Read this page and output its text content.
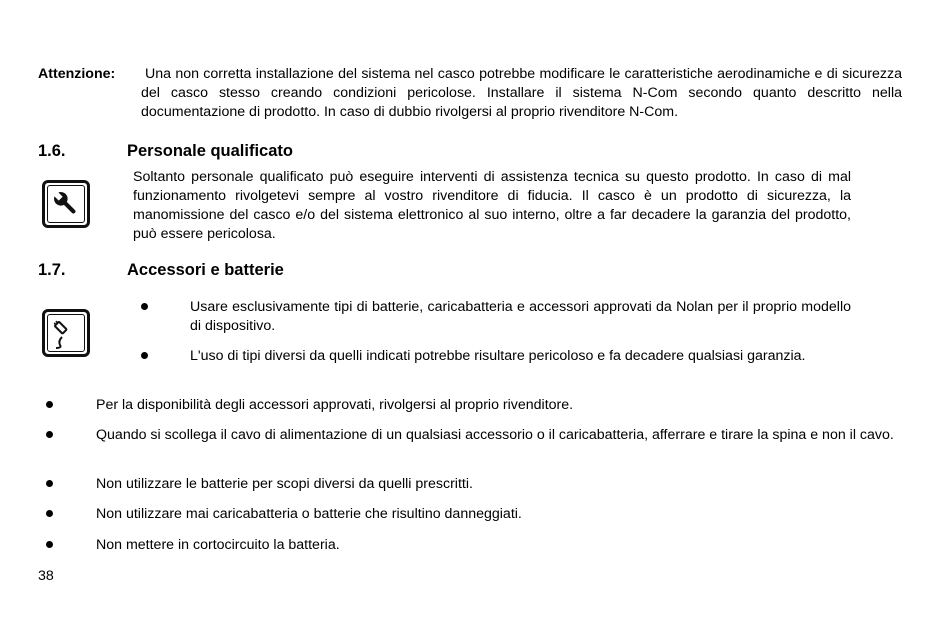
Attenzione: Una non corretta installazione del sistema nel casco potrebbe modificare le caratteristiche aerodinamiche e di sicurezza del casco stesso creando condizioni pericolose. Installare il sistema N-Com secondo quanto descritto nella documentazione di prodotto. In caso di dubbio rivolgersi al proprio rivenditore N-Com.
1.6.	Personale qualificato
Soltanto personale qualificato può eseguire interventi di assistenza tecnica su questo prodotto. In caso di mal funzionamento rivolgetevi sempre al vostro rivenditore di fiducia. Il casco è un prodotto di sicurezza, la manomissione del casco e/o del sistema elettronico al suo interno, oltre a far decadere la garanzia del prodotto, può essere pericolosa.
1.7.	Accessori e batterie
Usare esclusivamente tipi di batterie, caricabatteria e accessori approvati da Nolan per il proprio modello di dispositivo.
L'uso di tipi diversi da quelli indicati potrebbe risultare pericoloso e fa decadere qualsiasi garanzia.
Per la disponibilità degli accessori approvati, rivolgersi al proprio rivenditore.
Quando si scollega il cavo di alimentazione di un qualsiasi accessorio o il caricabatteria, afferrare e tirare la spina e non il cavo.
Non utilizzare le batterie per scopi diversi da quelli prescritti.
Non utilizzare mai caricabatteria o batterie che risultino danneggiati.
Non mettere in cortocircuito la batteria.
38
